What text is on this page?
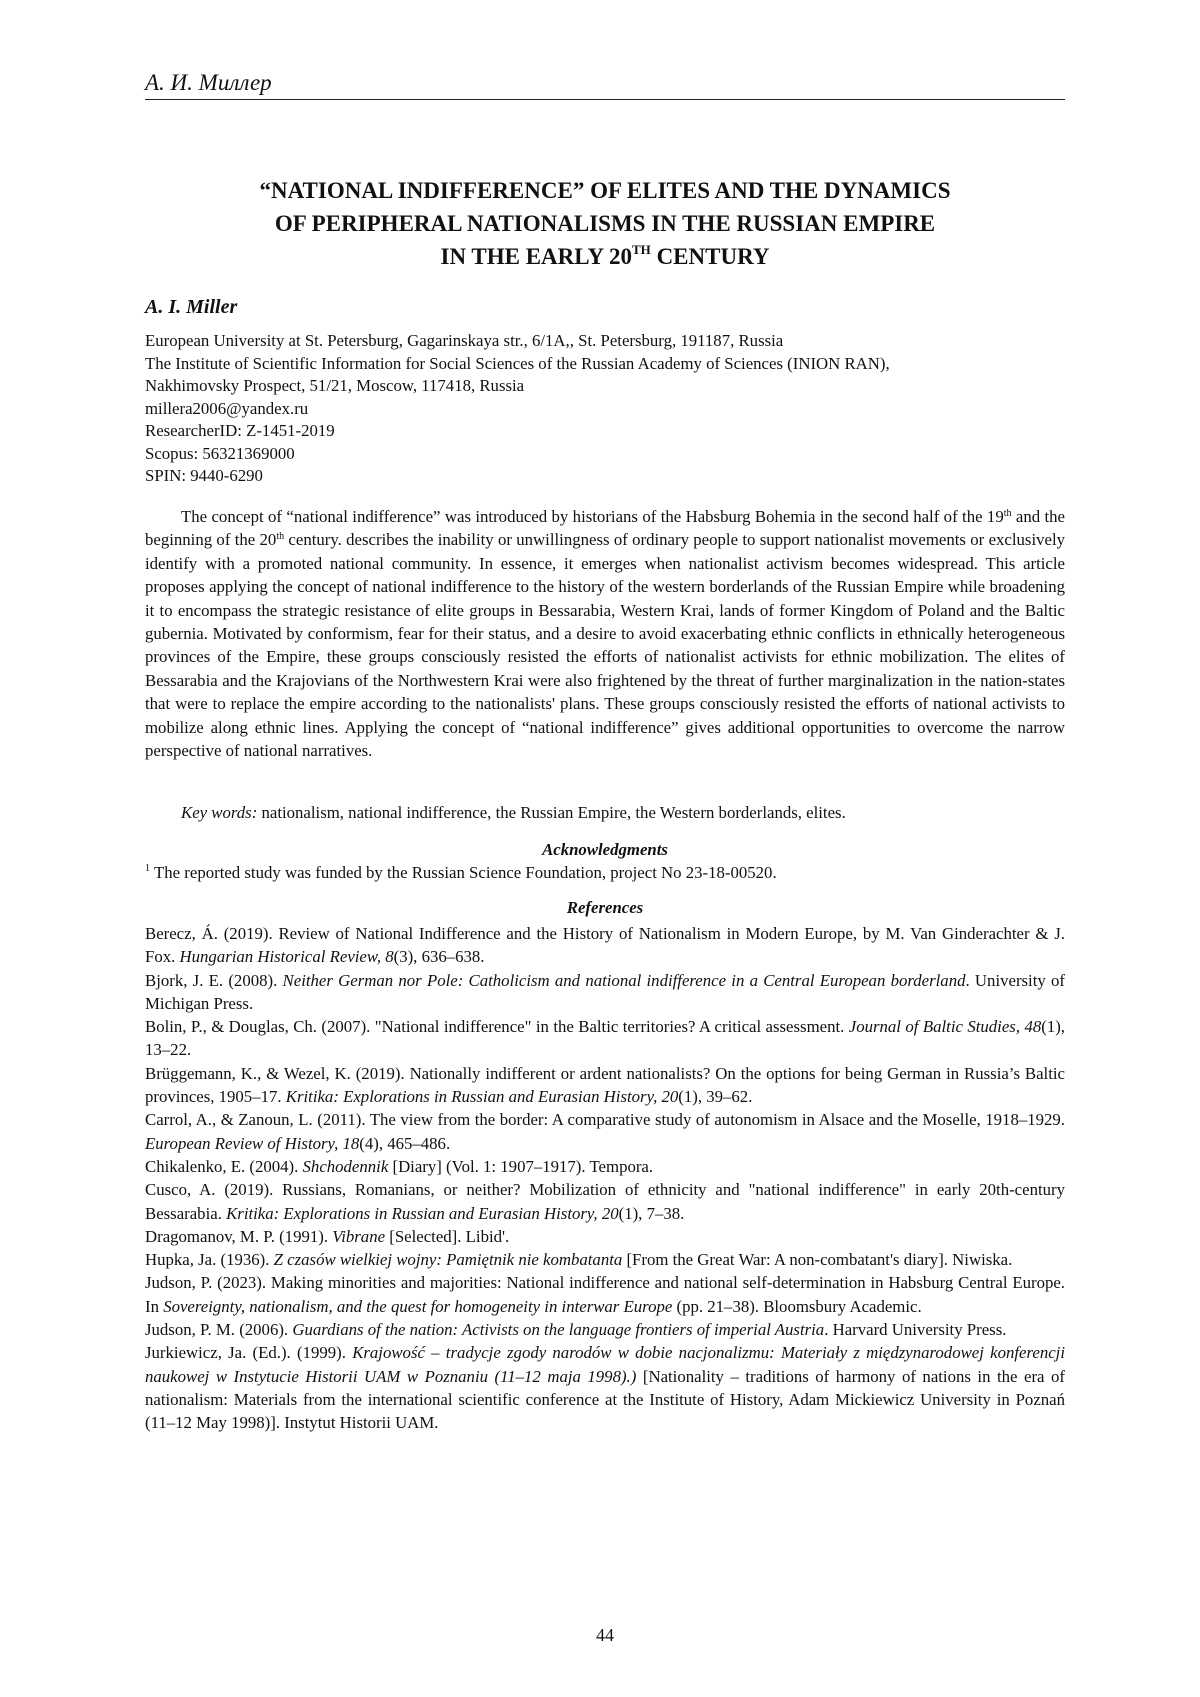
А. И. Миллер
“NATIONAL INDIFFERENCE” OF ELITES AND THE DYNAMICS
OF PERIPHERAL NATIONALISMS IN THE RUSSIAN EMPIRE
IN THE EARLY 20TH CENTURY
A. I. Miller
European University at St. Petersburg, Gagarinskaya str., 6/1A,, St. Petersburg, 191187, Russia
The Institute of Scientific Information for Social Sciences of the Russian Academy of Sciences (INION RAN),
Nakhimovsky Prospect, 51/21, Moscow, 117418, Russia
millera2006@yandex.ru
ResearcherID: Z-1451-2019
Scopus: 56321369000
SPIN: 9440-6290

The concept of “national indifference” was introduced by historians of the Habsburg Bohemia in the second half of the 19th and the beginning of the 20th century. describes the inability or unwillingness of ordinary people to support nationalist movements or exclusively identify with a promoted national community. In essence, it emerges when nationalist activism becomes widespread. This article proposes applying the concept of national indifference to the history of the western borderlands of the Russian Empire while broadening it to encompass the strategic resistance of elite groups in Bessarabia, Western Krai, lands of former Kingdom of Poland and the Baltic gubernia. Motivated by conformism, fear for their status, and a desire to avoid exacerbating ethnic conflicts in ethnically heterogeneous provinces of the Empire, these groups consciously resisted the efforts of nationalist activists for ethnic mobilization. The elites of Bessarabia and the Krajovians of the Northwestern Krai were also frightened by the threat of further marginalization in the nation-states that were to replace the empire according to the nationalists' plans. These groups consciously resisted the efforts of national activists to mobilize along ethnic lines. Applying the concept of “national indifference” gives additional opportunities to overcome the narrow perspective of national narratives.

Key words: nationalism, national indifference, the Russian Empire, the Western borderlands, elites.
Acknowledgments
1 The reported study was funded by the Russian Science Foundation, project No 23-18-00520.
References

Berecz, Á. (2019). Review of National Indifference and the History of Nationalism in Modern Europe, by M. Van Ginderachter & J. Fox. Hungarian Historical Review, 8(3), 636–638.

Bjork, J. E. (2008). Neither German nor Pole: Catholicism and national indifference in a Central European borderland. University of Michigan Press.

Bolin, P., & Douglas, Ch. (2007). "National indifference" in the Baltic territories? A critical assessment. Journal of Baltic Studies, 48(1), 13–22.

Brüggemann, K., & Wezel, K. (2019). Nationally indifferent or ardent nationalists? On the options for being German in Russia’s Baltic provinces, 1905–17. Kritika: Explorations in Russian and Eurasian History, 20(1), 39–62.

Carrol, A., & Zanoun, L. (2011). The view from the border: A comparative study of autonomism in Alsace and the Moselle, 1918–1929. European Review of History, 18(4), 465–486.

Chikalenko, E. (2004). Shchodennik [Diary] (Vol. 1: 1907–1917). Tempora.

Cusco, A. (2019). Russians, Romanians, or neither? Mobilization of ethnicity and "national indifference" in early 20th-century Bessarabia. Kritika: Explorations in Russian and Eurasian History, 20(1), 7–38.

Dragomanov, M. P. (1991). Vibrane [Selected]. Libid'.

Hupka, Ja. (1936). Z czasów wielkiej wojny: Pamiętnik nie kombatanta [From the Great War: A non-combatant's diary]. Niwiska.

Judson, P. (2023). Making minorities and majorities: National indifference and national self-determination in Habsburg Central Europe. In Sovereignty, nationalism, and the quest for homogeneity in interwar Europe (pp. 21–38). Bloomsbury Academic.

Judson, P. M. (2006). Guardians of the nation: Activists on the language frontiers of imperial Austria. Harvard University Press.

Jurkiewicz, Ja. (Ed.). (1999). Krajowość – tradycje zgody narodów w dobie nacjonalizmu: Materiały z międzynarodowej konferencji naukowej w Instytucie Historii UAM w Poznaniu (11–12 maja 1998).) [Nationality – traditions of harmony of nations in the era of nationalism: Materials from the international scientific conference at the Institute of History, Adam Mickiewicz University in Poznań (11–12 May 1998)]. Instytut Historii UAM.

44
